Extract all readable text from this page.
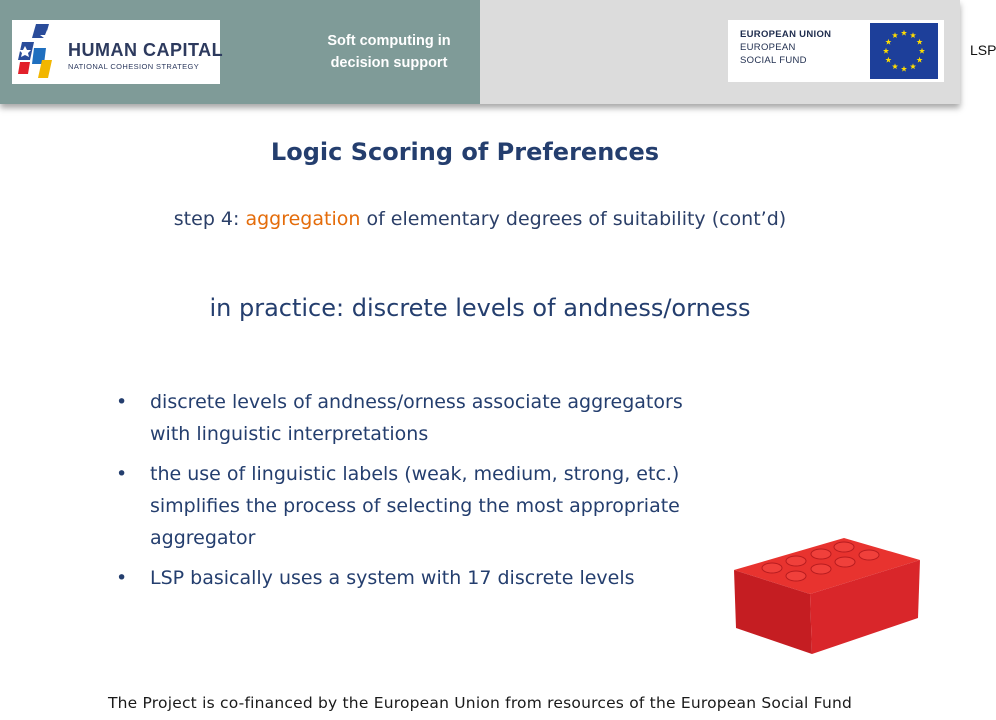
HUMAN CAPITAL
NATIONAL COHESION STRATEGY
Soft computing in decision support
LSP
EUROPEAN UNION
EUROPEAN
SOCIAL FUND
Logic Scoring of Preferences
step 4: aggregation of elementary degrees of suitability (cont’d)
in practice: discrete levels of andness/orness
• discrete levels of andness/orness associate aggregators with linguistic interpretations
• the use of linguistic labels (weak, medium, strong, etc.) simplifies the process of selecting the most appropriate aggregator
• LSP basically uses a system with 17 discrete levels
The Project is co-financed by the European Union from resources of the European Social Fund
